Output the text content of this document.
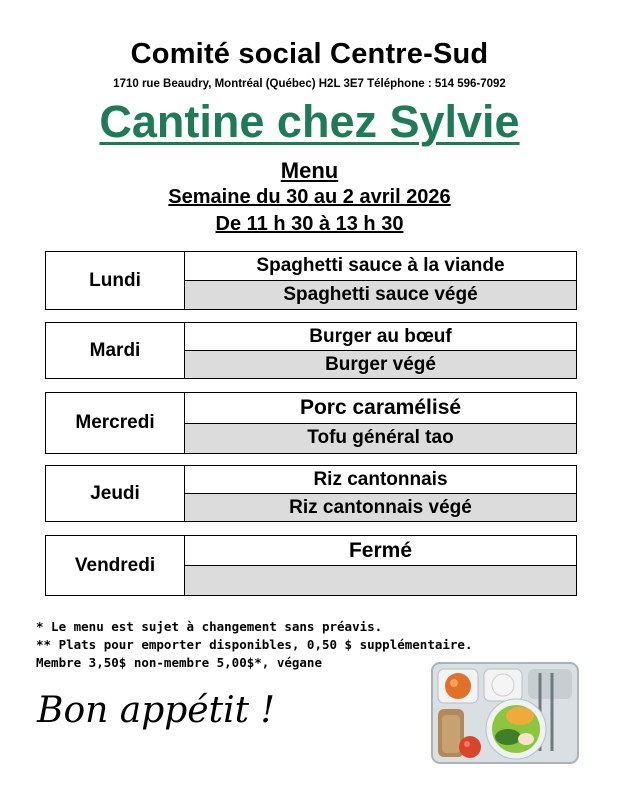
Comité social Centre-Sud
1710 rue Beaudry, Montréal (Québec) H2L 3E7 Téléphone : 514 596-7092
Cantine chez Sylvie
Menu
Semaine du 30 au 2 avril 2026
De 11 h 30 à 13 h 30
Lundi
Spaghetti sauce à la viande
Spaghetti sauce végé
Mardi
Burger au bœuf
Burger végé
Mercredi
Porc caramélisé
Tofu général tao
Jeudi
Riz cantonnais
Riz cantonnais végé
Vendredi
Fermé
* Le menu est sujet à changement sans préavis.
** Plats pour emporter disponibles, 0,50 $ supplémentaire.
Membre 3,50$ non-membre 5,00$*, végane
Bon appétit !
